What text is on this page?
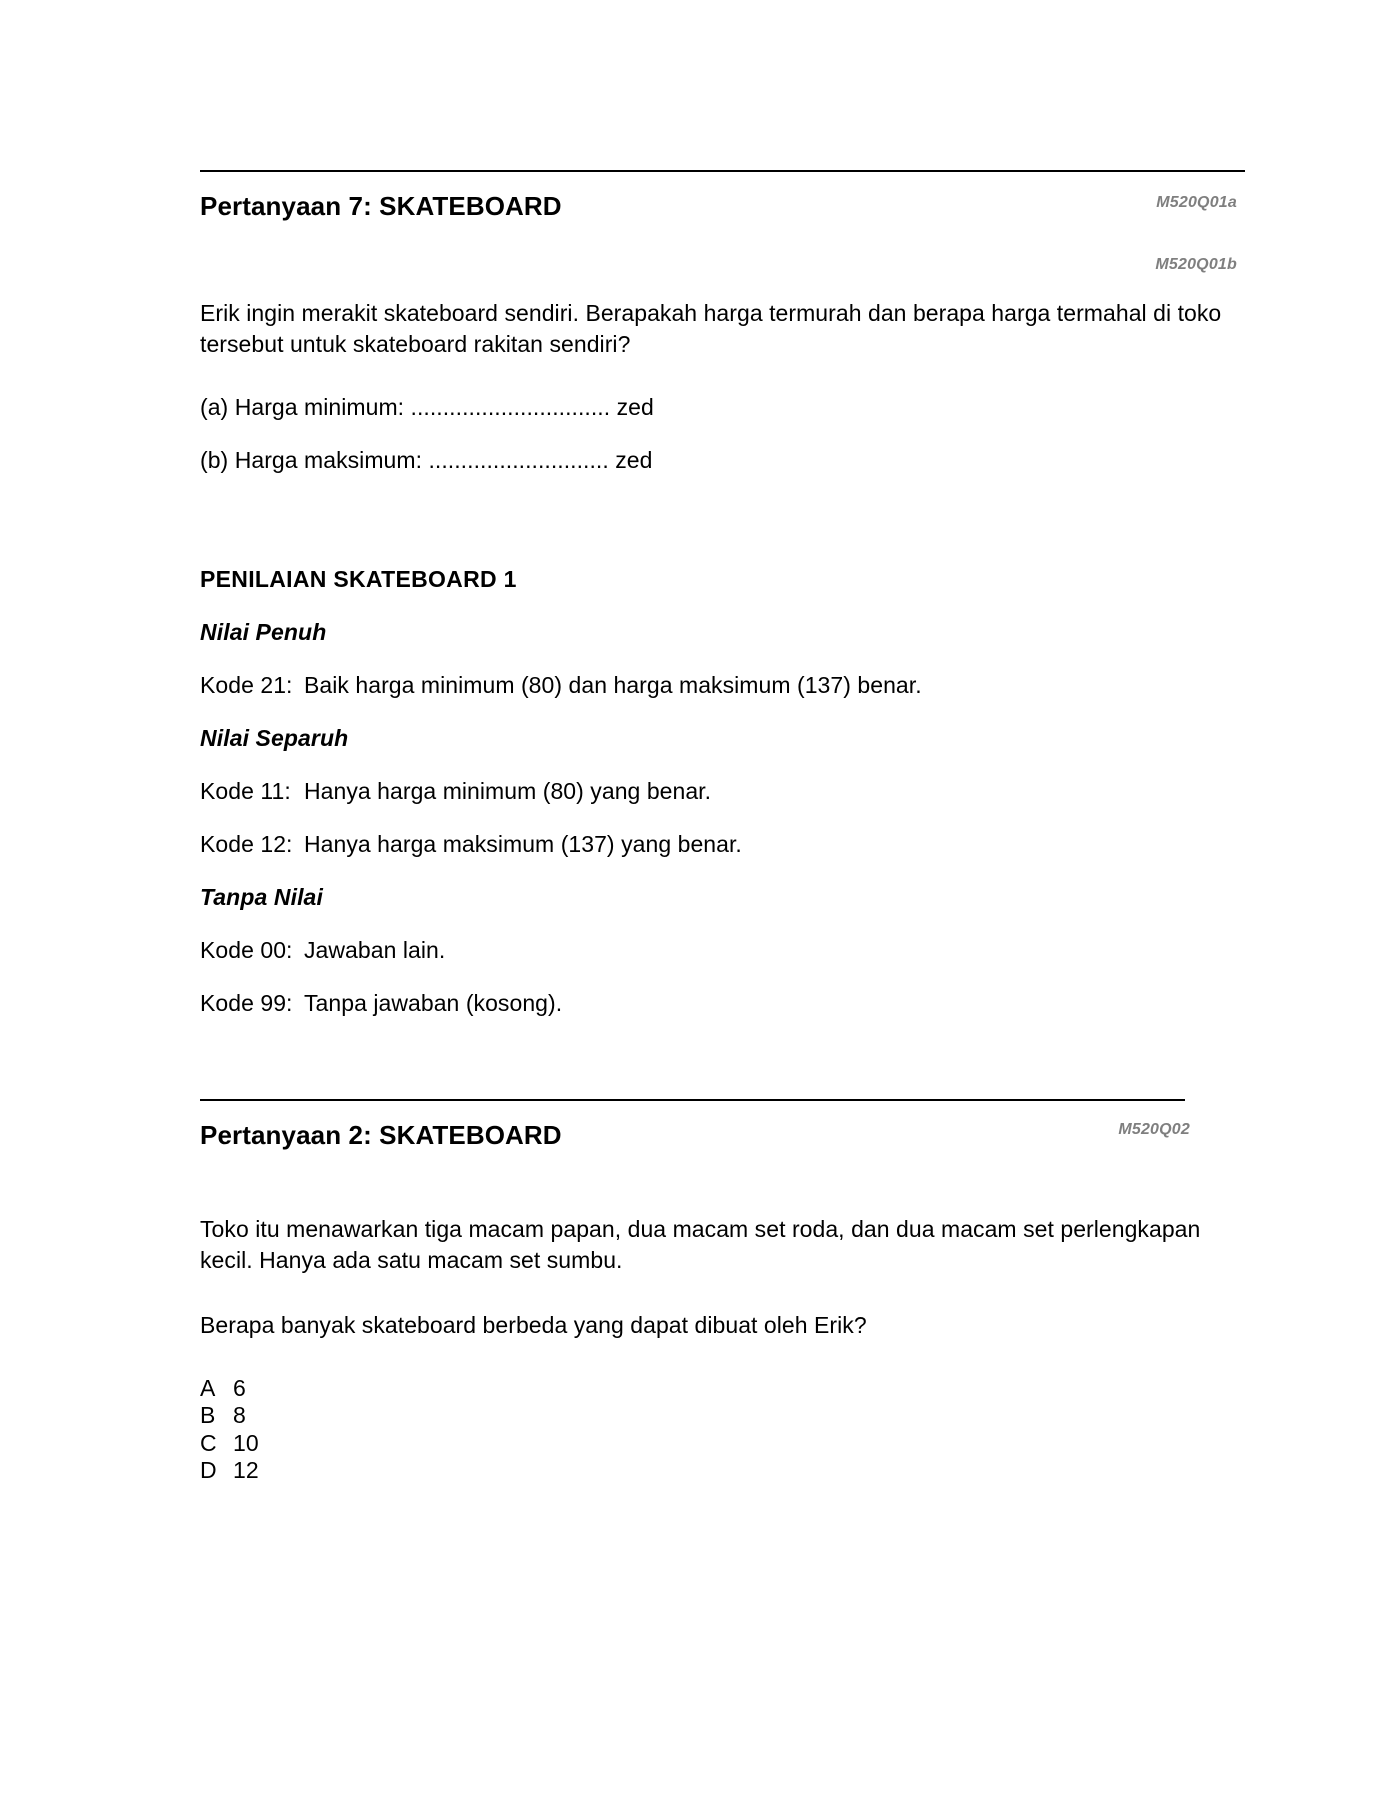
Pertanyaan 7: SKATEBOARD	M520Q01a
M520Q01b

Erik ingin merakit skateboard sendiri. Berapakah harga termurah dan berapa harga termahal di toko tersebut untuk skateboard rakitan sendiri?

(a) Harga minimum: ............................... zed

(b) Harga maksimum: ............................ zed

PENILAIAN SKATEBOARD 1

Nilai Penuh

Kode 21: Baik harga minimum (80) dan harga maksimum (137) benar.

Nilai Separuh

Kode 11: Hanya harga minimum (80) yang benar.

Kode 12: Hanya harga maksimum (137) yang benar.

Tanpa Nilai

Kode 00: Jawaban lain.

Kode 99: Tanpa jawaban (kosong).

Pertanyaan 2: SKATEBOARD	M520Q02

Toko itu menawarkan tiga macam papan, dua macam set roda, dan dua macam set perlengkapan kecil. Hanya ada satu macam set sumbu.

Berapa banyak skateboard berbeda yang dapat dibuat oleh Erik?

A 6
B 8
C 10
D 12
